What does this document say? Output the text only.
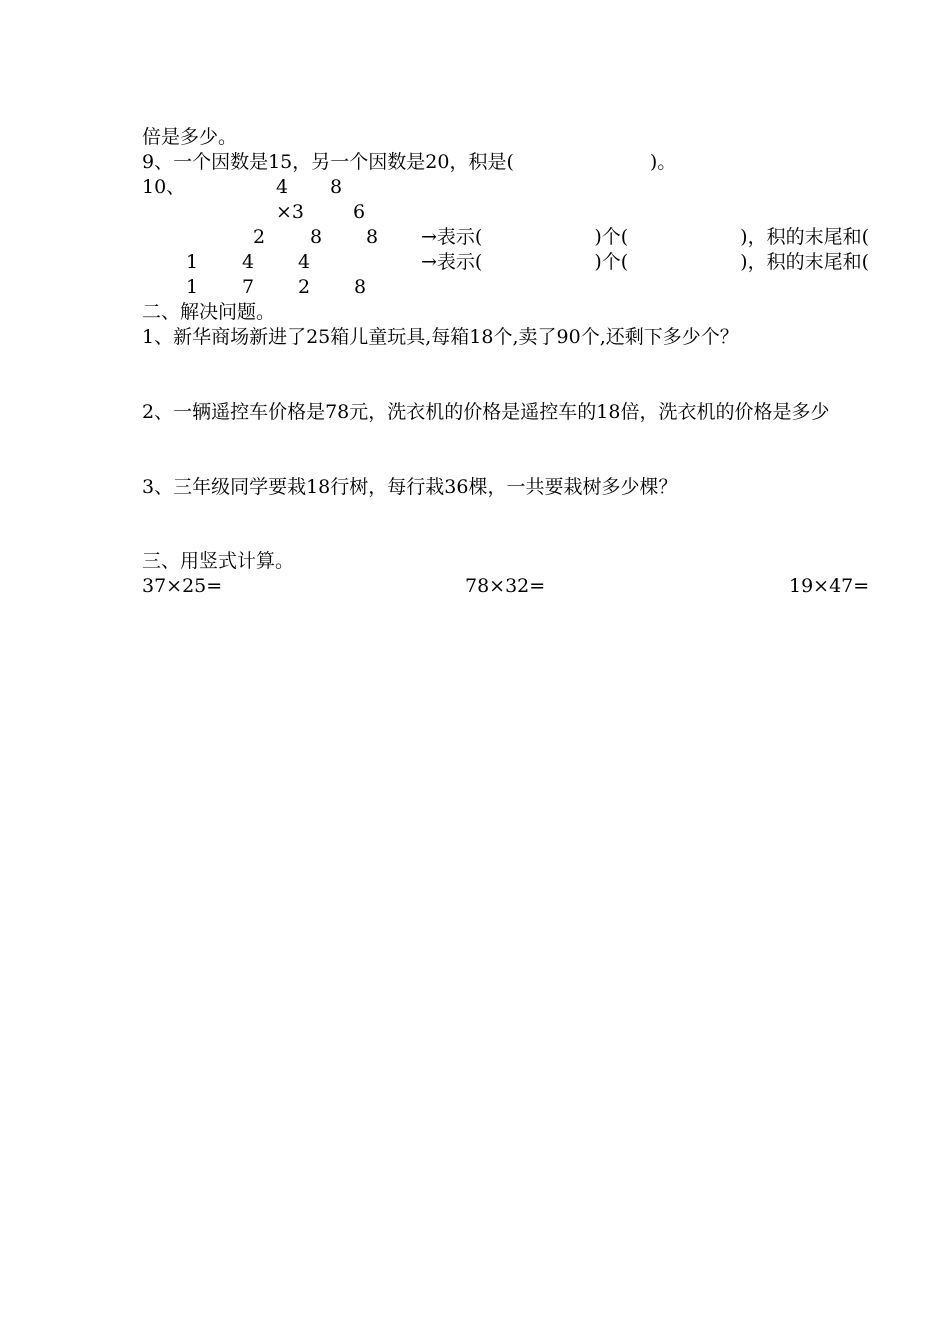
倍是多少。
9、一个因数是15，另一个因数是20，积是(	)。
10、	4 8
×3	6
2 8 8
1 4 4
1 7 2 8
→表示(	)个(	)，积的末尾和(
→表示(	)个(	)，积的末尾和(
二、解决问题。
1、新华商场新进了25箱儿童玩具,每箱18个,卖了90个,还剩下多少个？
2、一辆遥控车价格是78元，洗衣机的价格是遥控车的18倍，洗衣机的价格是多少
3、三年级同学要栽18行树，每行栽36棵，一共要栽树多少棵？
三、用竖式计算。
37×25=	78×32=	19×47=
